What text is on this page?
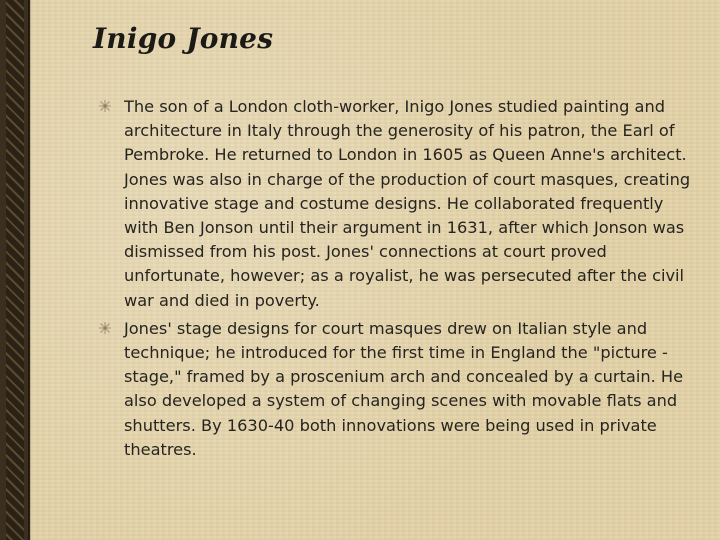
Inigo Jones
The son of a London cloth-worker, Inigo Jones studied painting and architecture in Italy through the generosity of his patron, the Earl of Pembroke. He returned to London in 1605 as Queen Anne's architect. Jones was also in charge of the production of court masques, creating innovative stage and costume designs. He collaborated frequently with Ben Jonson until their argument in 1631, after which Jonson was dismissed from his post. Jones' connections at court proved unfortunate, however; as a royalist, he was persecuted after the civil war and died in poverty.
Jones' stage designs for court masques drew on Italian style and technique; he introduced for the first time in England the "picture -stage," framed by a proscenium arch and concealed by a curtain. He also developed a system of changing scenes with movable flats and shutters. By 1630-40 both innovations were being used in private theatres.
